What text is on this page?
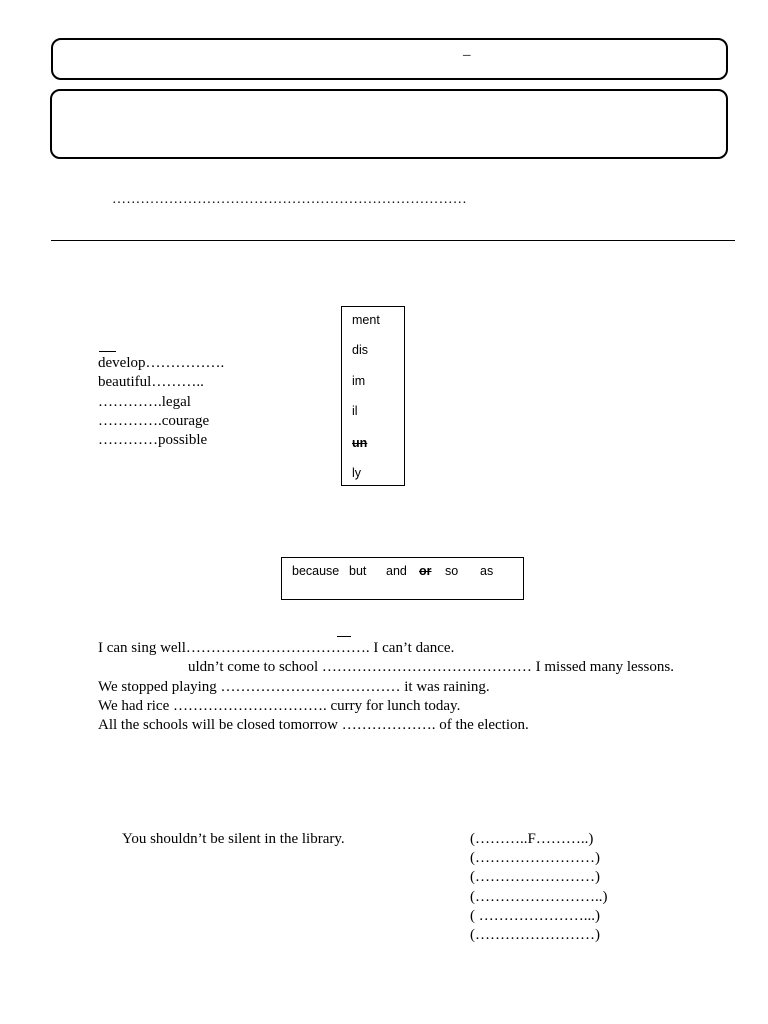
–
…………………………………………………………………
ment
dis
im
il
un
ly
develop…………….
beautiful………..
………….legal
………….courage
…………possible
because but and or so as
I can sing well………………………………. I can’t dance.
uldn’t come to school …………………………………… I missed many lessons.
We stopped playing ……………………………… it was raining.
We had rice …………………………. curry for lunch today.
All the schools will be closed tomorrow ………………. of the election.
You shouldn’t be silent in the library.	(………..F………..)
(……………………)
(……………………)
(……………………..)
( …………………...)
(……………………)
